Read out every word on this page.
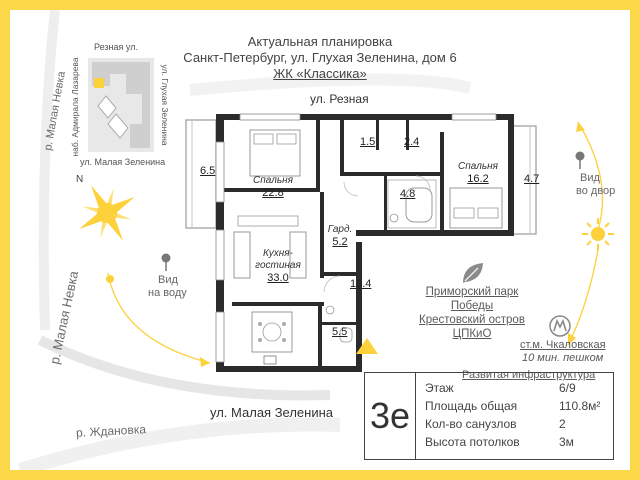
Актуальная планировка
Санкт-Петербург, ул. Глухая Зеленина, дом 6
ЖК «Классика»
Резная ул.
наб. Адмирала Лазарева	ул. Глухая Зеленина
ул. Малая Зеленина
р. Малая Невка
р. Малая Невка
р. Ждановка
N
Вид
на воду
Вид
во двор
ул. Резная
ул. Малая Зеленина
Спальня
22.8
Спальня
16.2
Кухня-
гостиная
33.0
Гард.
5.2
6.5
4.7
1.5	2.4
4.8
19.4
5.5
Приморский парк
Победы
Крестовский остров
ЦПКиО
ст.м. Чкаловская
10 мин. пешком
Развитая инфраструктура
3е
Этаж	6/9
Площадь общая	110.8м²
Кол-во санузлов	2
Высота потолков	3м
